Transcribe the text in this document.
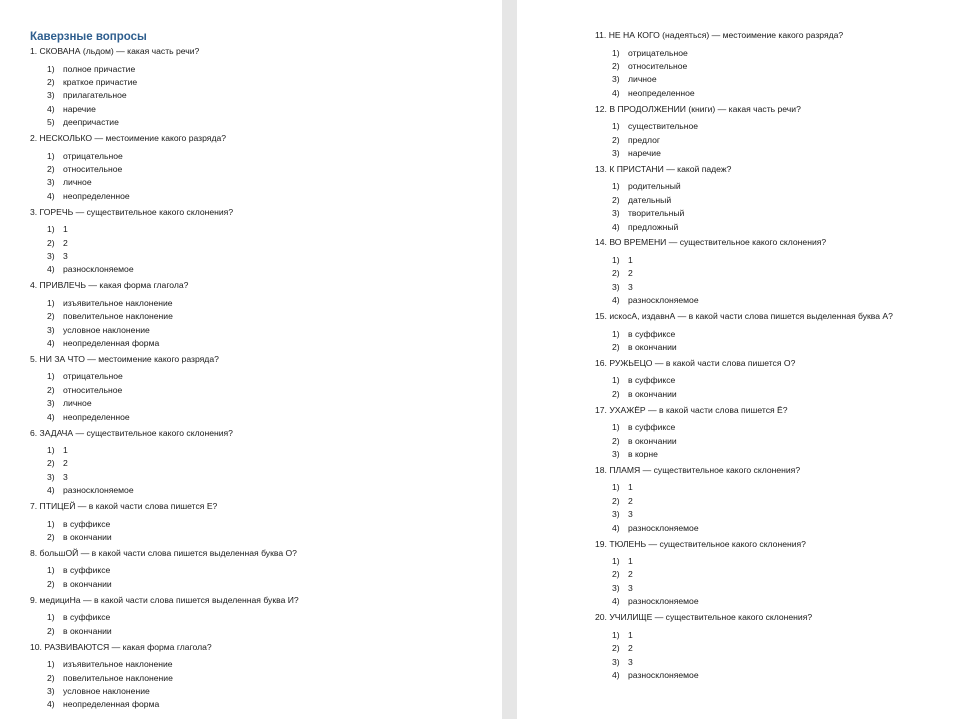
Каверзные вопросы

1. СКОВАНА (льдом) — какая часть речи?

1) полное причастие
2) краткое причастие
3) прилагательное
4) наречие
5) деепричастие

2. НЕСКОЛЬКО — местоимение какого разряда?

1) отрицательное
2) относительное
3) личное
4) неопределенное

3. ГОРЕЧЬ — существительное какого склонения?

1) 1
2) 2
3) 3
4) разносклоняемое

4. ПРИВЛЕЧЬ — какая форма глагола?

1) изъявительное наклонение
2) повелительное наклонение
3) условное наклонение
4) неопределенная форма

5. НИ ЗА ЧТО — местоимение какого разряда?

1) отрицательное
2) относительное
3) личное
4) неопределенное

6. ЗАДАЧА — существительное какого склонения?

1) 1
2) 2
3) 3
4) разносклоняемое

7. ПТИЦЕЙ — в какой части слова пишется Е?

1) в суффиксе
2) в окончании

8. большОЙ — в какой части слова пишется выделенная буква О?

1) в суффиксе
2) в окончании

9. медициНа — в какой части слова пишется выделенная буква И?

1) в суффиксе
2) в окончании

10. РАЗВИВАЮТСЯ — какая форма глагола?

1) изъявительное наклонение
2) повелительное наклонение
3) условное наклонение
4) неопределенная форма

11. НЕ НА КОГО (надеяться) — местоимение какого разряда?

1) отрицательное
2) относительное
3) личное
4) неопределенное

12. В ПРОДОЛЖЕНИИ (книги) — какая часть речи?

1) существительное
2) предлог
3) наречие

13. К ПРИСТАНИ — какой падеж?

1) родительный
2) дательный
3) творительный
4) предложный

14. ВО ВРЕМЕНИ — существительное какого склонения?

1) 1
2) 2
3) 3
4) разносклоняемое

15. искосА, издавнА — в какой части слова пишется выделенная буква А?

1) в суффиксе
2) в окончании

16. РУЖЬЕЦО — в какой части слова пишется О?

1) в суффиксе
2) в окончании

17. УХАЖЁР — в какой части слова пишется Ё?

1) в суффиксе
2) в окончании
3) в корне

18. ПЛАМЯ — существительное какого склонения?

1) 1
2) 2
3) 3
4) разносклоняемое

19. ТЮЛЕНЬ — существительное какого склонения?

1) 1
2) 2
3) 3
4) разносклоняемое

20. УЧИЛИЩЕ — существительное какого склонения?

1) 1
2) 2
3) 3
4) разносклоняемое
